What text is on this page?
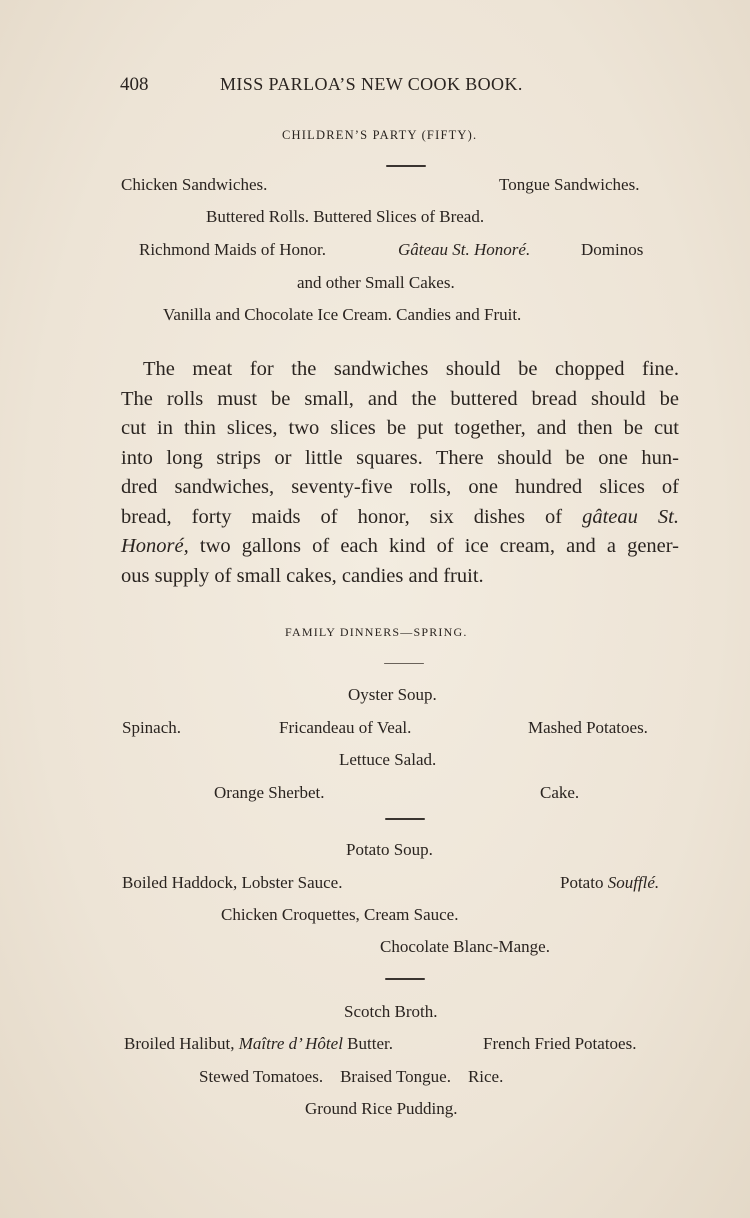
408	MISS PARLOA’S NEW COOK BOOK.
CHILDREN’S PARTY (FIFTY).
Chicken Sandwiches.	Tongue Sandwiches.
Buttered Rolls. Buttered Slices of Bread.
Richmond Maids of Honor.	Gâteau St. Honoré.	Dominos
and other Small Cakes.
Vanilla and Chocolate Ice Cream. Candies and Fruit.
The meat for the sandwiches should be chopped fine.
The rolls must be small, and the buttered bread should be
cut in thin slices, two slices be put together, and then be cut
into long strips or little squares. There should be one hun-
dred sandwiches, seventy-five rolls, one hundred slices of
bread, forty maids of honor, six dishes of gâteau St.
Honoré, two gallons of each kind of ice cream, and a gener-
ous supply of small cakes, candies and fruit.
FAMILY DINNERS—SPRING.
Oyster Soup.
Spinach.	Fricandeau of Veal.	Mashed Potatoes.
Lettuce Salad.
Orange Sherbet.	Cake.
Potato Soup.
Boiled Haddock, Lobster Sauce.	Potato Soufflé.
Chicken Croquettes, Cream Sauce.
Chocolate Blanc-Mange.
Scotch Broth.
Broiled Halibut, Maître d’ Hôtel Butter.	French Fried Potatoes.
Stewed Tomatoes.    Braised Tongue.    Rice.
Ground Rice Pudding.
